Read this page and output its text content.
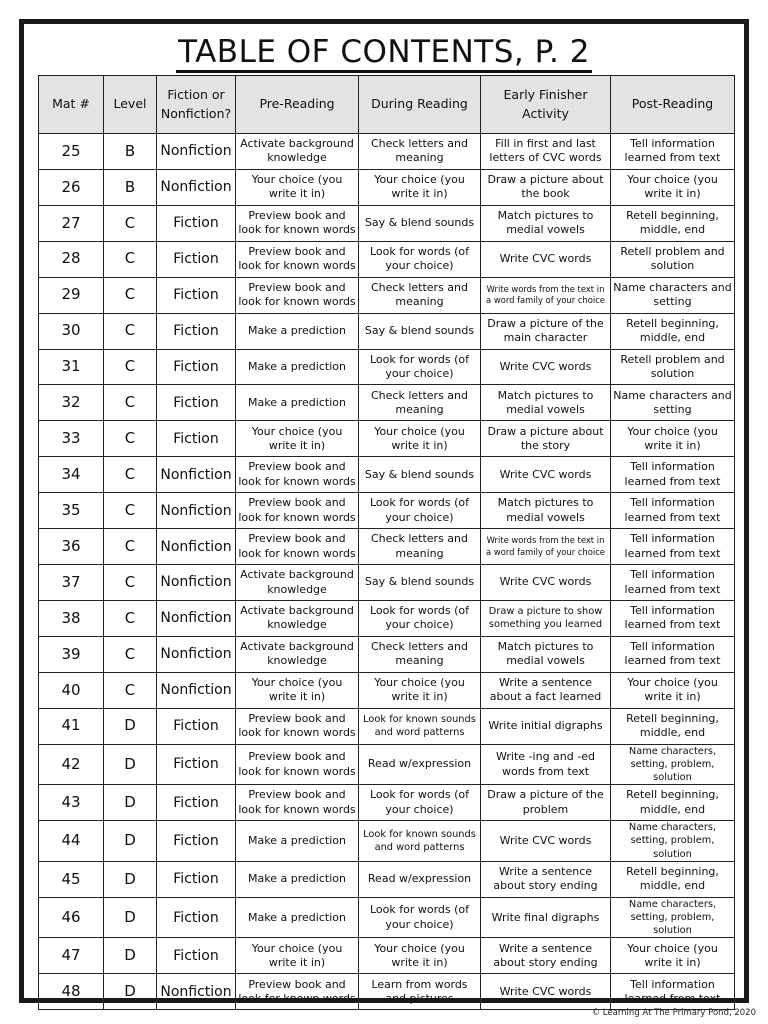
TABLE OF CONTENTS, P. 2
Mat #	Level	Fiction or Nonfiction?	Pre-Reading	During Reading	Early Finisher Activity	Post-Reading
25	B	Nonfiction	Activate background knowledge	Check letters and meaning	Fill in first and last letters of CVC words	Tell information learned from text
26	B	Nonfiction	Your choice (you write it in)	Your choice (you write it in)	Draw a picture about the book	Your choice (you write it in)
27	C	Fiction	Preview book and look for known words	Say & blend sounds	Match pictures to medial vowels	Retell beginning, middle, end
28	C	Fiction	Preview book and look for known words	Look for words (of your choice)	Write CVC words	Retell problem and solution
29	C	Fiction	Preview book and look for known words	Check letters and meaning	Write words from the text in a word family of your choice	Name characters and setting
30	C	Fiction	Make a prediction	Say & blend sounds	Draw a picture of the main character	Retell beginning, middle, end
31	C	Fiction	Make a prediction	Look for words (of your choice)	Write CVC words	Retell problem and solution
32	C	Fiction	Make a prediction	Check letters and meaning	Match pictures to medial vowels	Name characters and setting
33	C	Fiction	Your choice (you write it in)	Your choice (you write it in)	Draw a picture about the story	Your choice (you write it in)
34	C	Nonfiction	Preview book and look for known words	Say & blend sounds	Write CVC words	Tell information learned from text
35	C	Nonfiction	Preview book and look for known words	Look for words (of your choice)	Match pictures to medial vowels	Tell information learned from text
36	C	Nonfiction	Preview book and look for known words	Check letters and meaning	Write words from the text in a word family of your choice	Tell information learned from text
37	C	Nonfiction	Activate background knowledge	Say & blend sounds	Write CVC words	Tell information learned from text
38	C	Nonfiction	Activate background knowledge	Look for words (of your choice)	Draw a picture to show something you learned	Tell information learned from text
39	C	Nonfiction	Activate background knowledge	Check letters and meaning	Match pictures to medial vowels	Tell information learned from text
40	C	Nonfiction	Your choice (you write it in)	Your choice (you write it in)	Write a sentence about a fact learned	Your choice (you write it in)
41	D	Fiction	Preview book and look for known words	Look for known sounds and word patterns	Write initial digraphs	Retell beginning, middle, end
42	D	Fiction	Preview book and look for known words	Read w/expression	Write -ing and -ed words from text	Name characters, setting, problem, solution
43	D	Fiction	Preview book and look for known words	Look for words (of your choice)	Draw a picture of the problem	Retell beginning, middle, end
44	D	Fiction	Make a prediction	Look for known sounds and word patterns	Write CVC words	Name characters, setting, problem, solution
45	D	Fiction	Make a prediction	Read w/expression	Write a sentence about story ending	Retell beginning, middle, end
46	D	Fiction	Make a prediction	Look for words (of your choice)	Write final digraphs	Name characters, setting, problem, solution
47	D	Fiction	Your choice (you write it in)	Your choice (you write it in)	Write a sentence about story ending	Your choice (you write it in)
48	D	Nonfiction	Preview book and look for known words	Learn from words and pictures	Write CVC words	Tell information learned from text
© Learning At The Primary Pond, 2020
